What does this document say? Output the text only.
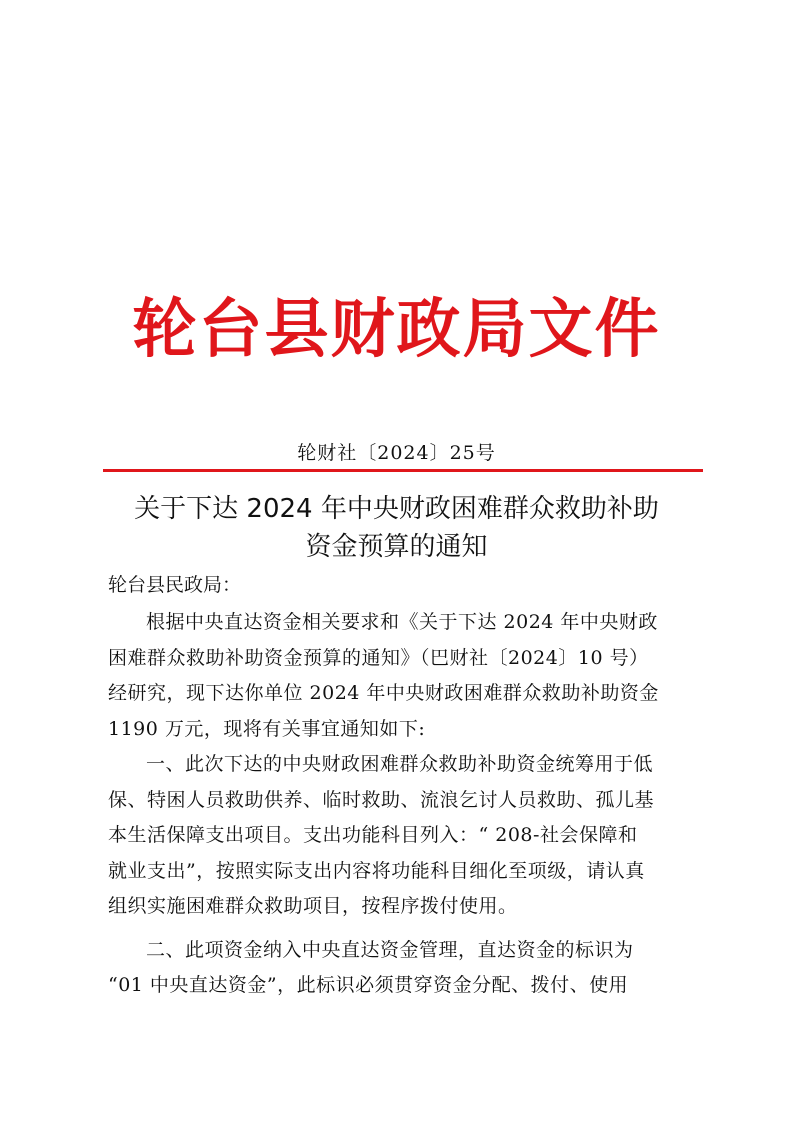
轮台县财政局文件
轮财社〔2024〕25号
关于下达 2024 年中央财政困难群众救助补助
资金预算的通知
轮台县民政局：
根据中央直达资金相关要求和《关于下达 2024 年中央财政
困难群众救助补助资金预算的通知》（巴财社〔2024〕10 号）
经研究，现下达你单位 2024 年中央财政困难群众救助补助资金
1190 万元，现将有关事宜通知如下:
一、此次下达的中央财政困难群众救助补助资金统筹用于低
保、特困人员救助供养、临时救助、流浪乞讨人员救助、孤儿基
本生活保障支出项目。支出功能科目列入：“ 208-社会保障和
就业支出”，按照实际支出内容将功能科目细化至项级，请认真
组织实施困难群众救助项目，按程序拨付使用。
二、此项资金纳入中央直达资金管理，直达资金的标识为
“01 中央直达资金”，此标识必须贯穿资金分配、拨付、使用
